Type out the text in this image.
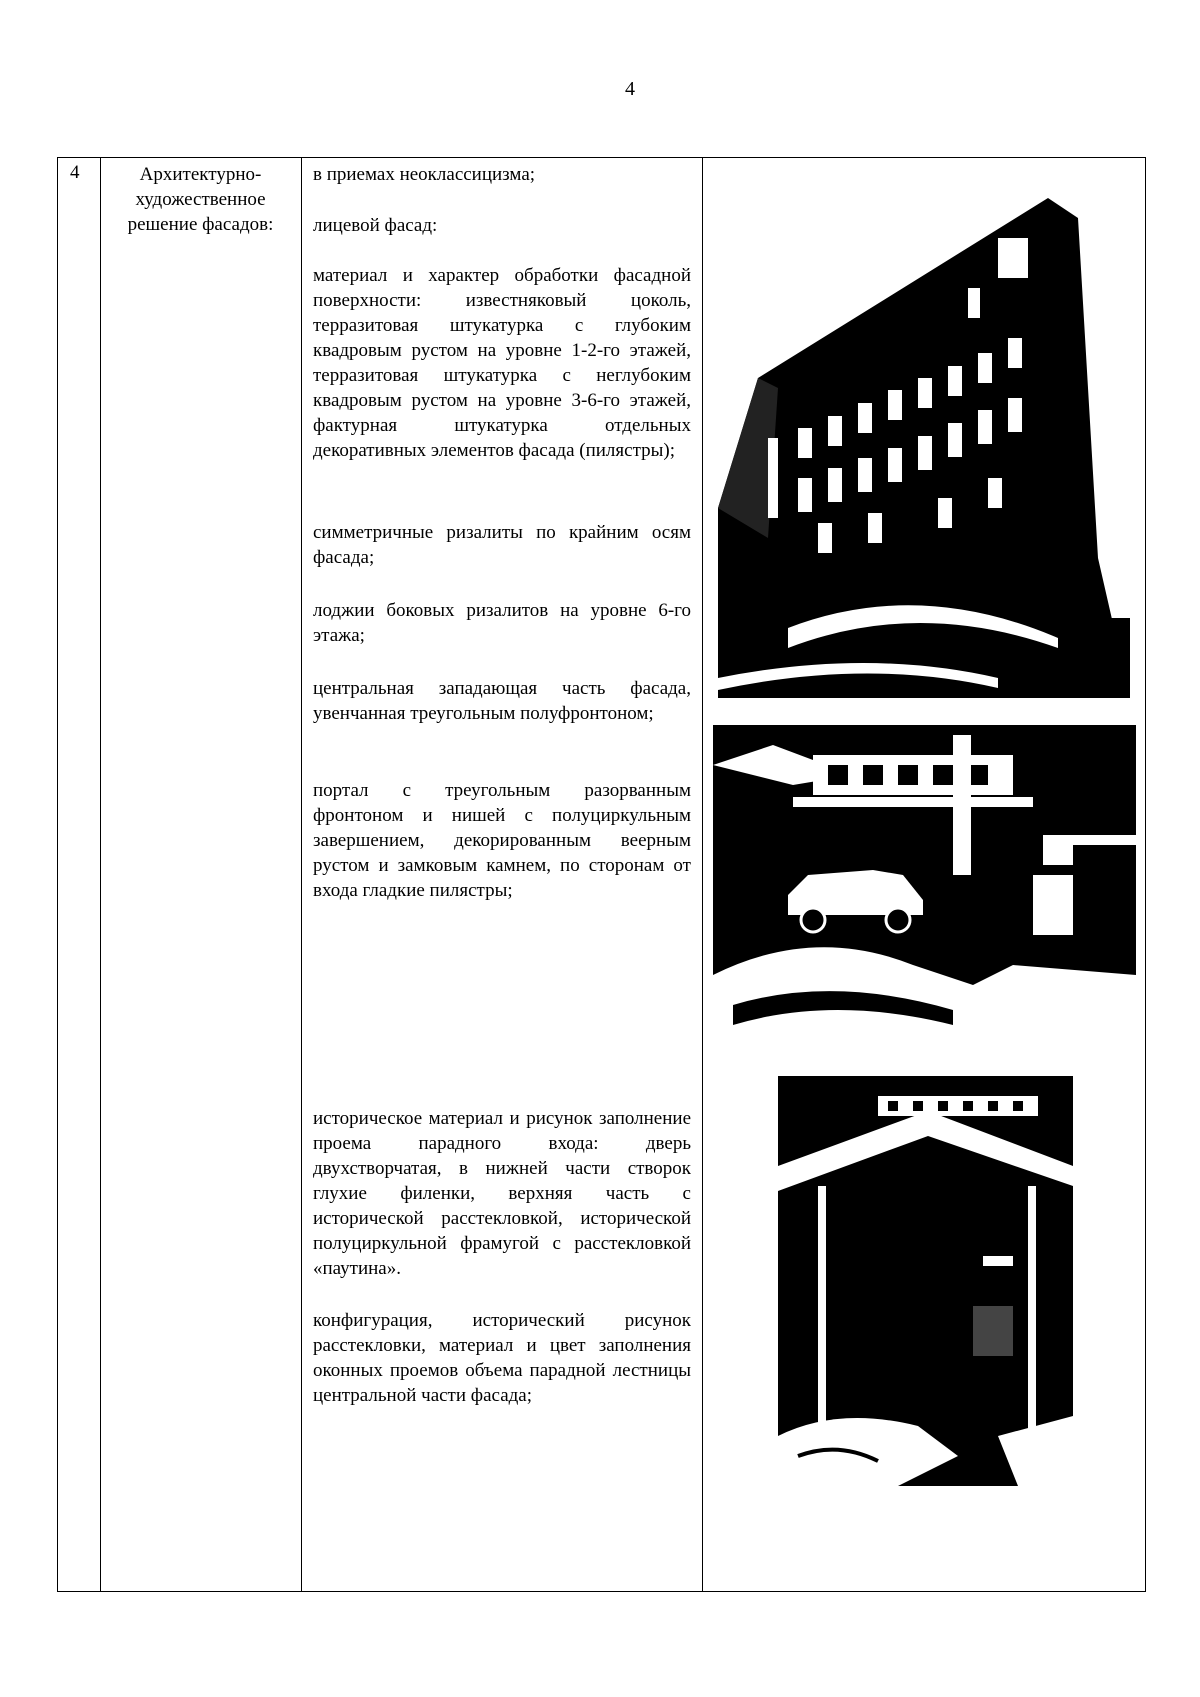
4
4	Архитектурно-
художественное
решение фасадов:

в приемах неоклассицизма;

лицевой фасад:

материал и характер обработки фасадной поверхности: известняковый цоколь, терразитовая штукатурка с глубоким квадровым рустом на уровне 1-2-го этажей, терразитовая штукатурка с неглубоким квадровым рустом на уровне 3-6-го этажей, фактурная штукатурка отдельных декоративных элементов фасада (пилястры);

симметричные ризалиты по крайним осям фасада;

лоджии боковых ризалитов на уровне 6-го этажа;

центральная западающая часть фасада, увенчанная треугольным полуфронтоном;

портал с треугольным разорванным фронтоном и нишей с полуциркульным завершением, декорированным веерным рустом и замковым камнем, по сторонам от входа гладкие пилястры;

историческое материал и рисунок заполнение проема парадного входа: дверь двухстворчатая, в нижней части створок глухие филенки, верхняя часть с исторической расстекловкой, исторической полуциркульной фрамугой с расстекловкой «паутина».

конфигурация, исторический рисунок расстекловки, материал и цвет заполнения оконных проемов объема парадной лестницы центральной части фасада;
